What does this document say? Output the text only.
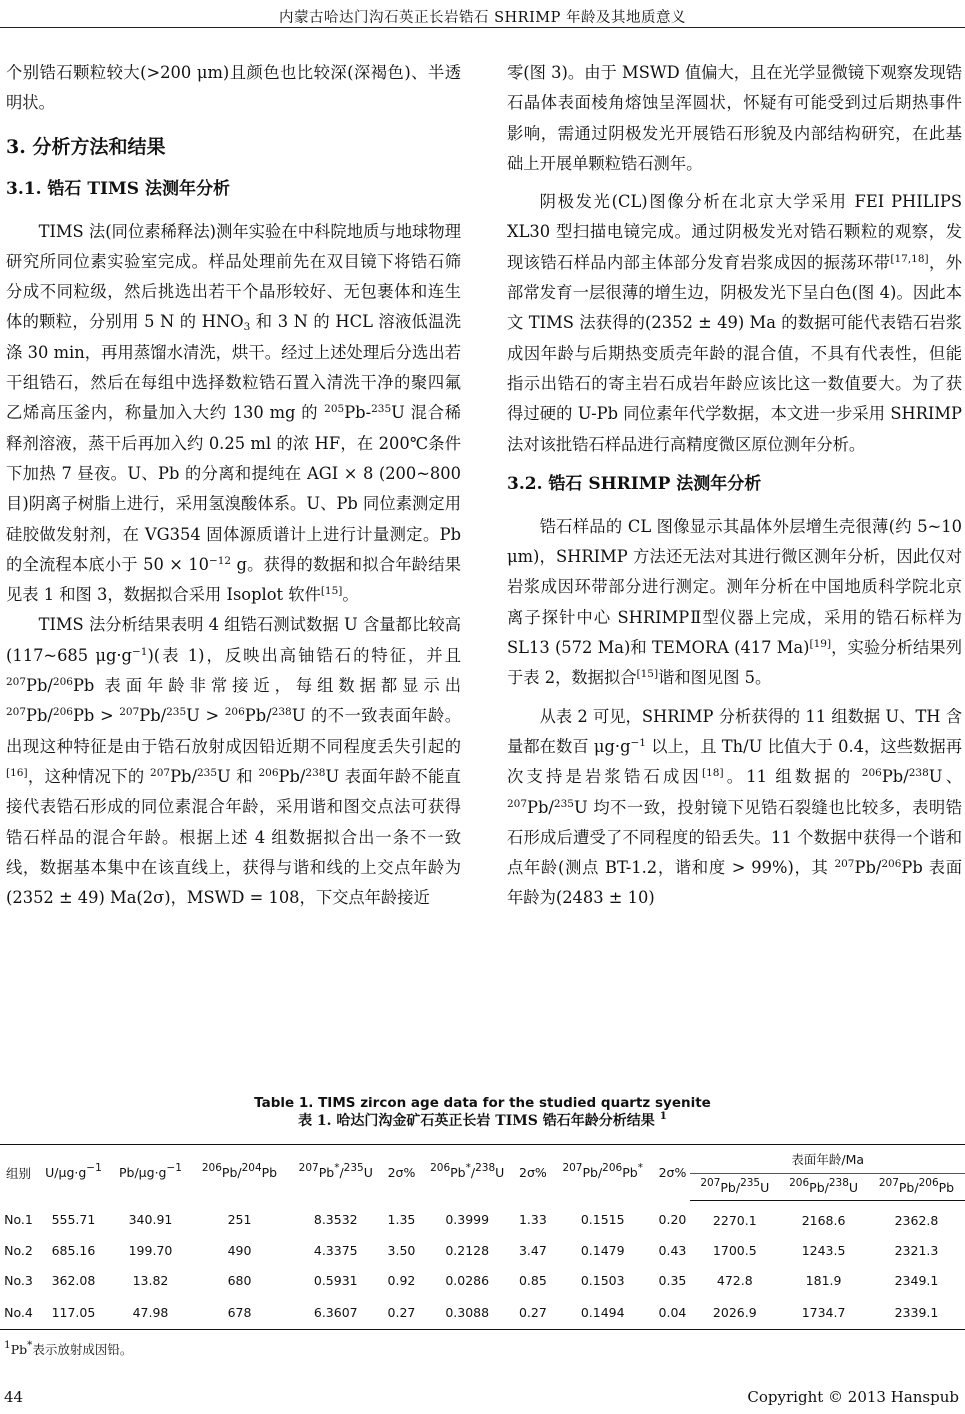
内蒙古哈达门沟石英正长岩锆石 SHRIMP 年龄及其地质意义

个别锆石颗粒较大(>200 μm)且颜色也比较深(深褐色)、半透明状。

3. 分析方法和结果

3.1. 锆石 TIMS 法测年分析

TIMS 法(同位素稀释法)测年实验在中科院地质与地球物理研究所同位素实验室完成。样品处理前先在双目镜下将锆石筛分成不同粒级，然后挑选出若干个晶形较好、无包裹体和连生体的颗粒，分别用 5 N 的 $HNO_3$ 和 3 N 的 HCL 溶液低温洗涤 30 min，再用蒸馏水清洗，烘干。经过上述处理后分选出若干组锆石，然后在每组中选择数粒锆石置入清洗干净的聚四氟乙烯高压釜内，称量加入大约 130 mg 的 $^{205}$Pb-$^{235}$U 混合稀释剂溶液，蒸干后再加入约 0.25 ml 的浓 HF，在 200℃条件下加热 7 昼夜。U、Pb 的分离和提纯在 AGI × 8 (200~800 目)阴离子树脂上进行，采用氢溴酸体系。U、Pb 同位素测定用硅胶做发射剂，在 VG354 固体源质谱计上进行计量测定。Pb 的全流程本底小于 $50 \times 10^{-12}$ g。获得的数据和拟合年龄结果见表 1 和图 3，数据拟合采用 Isoplot 软件[15]。

TIMS 法分析结果表明 4 组锆石测试数据 U 含量都比较高(117~685 $\mu g\cdot g^{-1}$)(表 1)，反映出高铀锆石的特征，并且 $^{207}$Pb/$^{206}$Pb 表面年龄非常接近，每组数据都显示出 $^{207}$Pb/$^{206}$Pb > $^{207}$Pb/$^{235}$U > $^{206}$Pb/$^{238}$U 的不一致表面年龄。出现这种特征是由于锆石放射成因铅近期不同程度丢失引起的[16]，这种情况下的 $^{207}$Pb/$^{235}$U 和 $^{206}$Pb/$^{238}$U 表面年龄不能直接代表锆石形成的同位素混合年龄，采用谐和图交点法可获得锆石样品的混合年龄。根据上述 4 组数据拟合出一条不一致线，数据基本集中在该直线上，获得与谐和线的上交点年龄为 (2352 ± 49) Ma(2σ)，MSWD = 108，下交点年龄接近

零(图 3)。由于 MSWD 值偏大，且在光学显微镜下观察发现锆石晶体表面棱角熔蚀呈浑圆状，怀疑有可能受到过后期热事件影响，需通过阴极发光开展锆石形貌及内部结构研究，在此基础上开展单颗粒锆石测年。

阴极发光(CL)图像分析在北京大学采用 FEI PHILIPS XL30 型扫描电镜完成。通过阴极发光对锆石颗粒的观察，发现该锆石样品内部主体部分发育岩浆成因的振荡环带[17,18]，外部常发育一层很薄的增生边，阴极发光下呈白色(图 4)。因此本文 TIMS 法获得的(2352 ± 49) Ma 的数据可能代表锆石岩浆成因年龄与后期热变质壳年龄的混合值，不具有代表性，但能指示出锆石的寄主岩石成岩年龄应该比这一数值要大。为了获得过硬的 U-Pb 同位素年代学数据，本文进一步采用 SHRIMP 法对该批锆石样品进行高精度微区原位测年分析。

3.2. 锆石 SHRIMP 法测年分析

锆石样品的 CL 图像显示其晶体外层增生壳很薄(约 5~10 μm)，SHRIMP 方法还无法对其进行微区测年分析，因此仅对岩浆成因环带部分进行测定。测年分析在中国地质科学院北京离子探针中心 SHRIMPⅡ型仪器上完成，采用的锆石标样为 SL13 (572 Ma)和 TEMORA (417 Ma)[19]，实验分析结果列于表 2，数据拟合[15]谐和图见图 5。

从表 2 可见，SHRIMP 分析获得的 11 组数据 U、TH 含量都在数百 $\mu g\cdot g^{-1}$ 以上，且 Th/U 比值大于 0.4，这些数据再次支持是岩浆锆石成因[18]。11 组数据的 $^{206}$Pb/$^{238}$U、$^{207}$Pb/$^{235}$U 均不一致，投射镜下见锆石裂缝也比较多，表明锆石形成后遭受了不同程度的铅丢失。11 个数据中获得一个谐和点年龄(测点 BT-1.2，谐和度 > 99%)，其 $^{207}$Pb/$^{206}$Pb 表面年龄为(2483 ± 10)

Table 1. TIMS zircon age data for the studied quartz syenite
表 1. 哈达门沟金矿石英正长岩 TIMS 锆石年龄分析结果 $^1$
组别	$U/\mu g\cdot g^{-1}$	$Pb/\mu g\cdot g^{-1}$	$^{206}$Pb/$^{204}$Pb	$^{207}$Pb*/$^{235}$U	2σ%	$^{206}$Pb*/$^{238}$U	2σ%	$^{207}$Pb/$^{206}$Pb*	2σ%	表面年龄/Ma		
										$^{207}$Pb/$^{235}$U	$^{206}$Pb/$^{238}$U	$^{207}$Pb/$^{206}$Pb
No.1	555.71	340.91	251	8.3532	1.35	0.3999	1.33	0.1515	0.20	2270.1	2168.6	2362.8
No.2	685.16	199.70	490	4.3375	3.50	0.2128	3.47	0.1479	0.43	1700.5	1243.5	2321.3
No.3	362.08	13.82	680	0.5931	0.92	0.0286	0.85	0.1503	0.35	472.8	181.9	2349.1
No.4	117.05	47.98	678	6.3607	0.27	0.3088	0.27	0.1494	0.04	2026.9	1734.7	2339.1
$^1$Pb*表示放射成因铅。
44	Copyright © 2013 Hanspub
